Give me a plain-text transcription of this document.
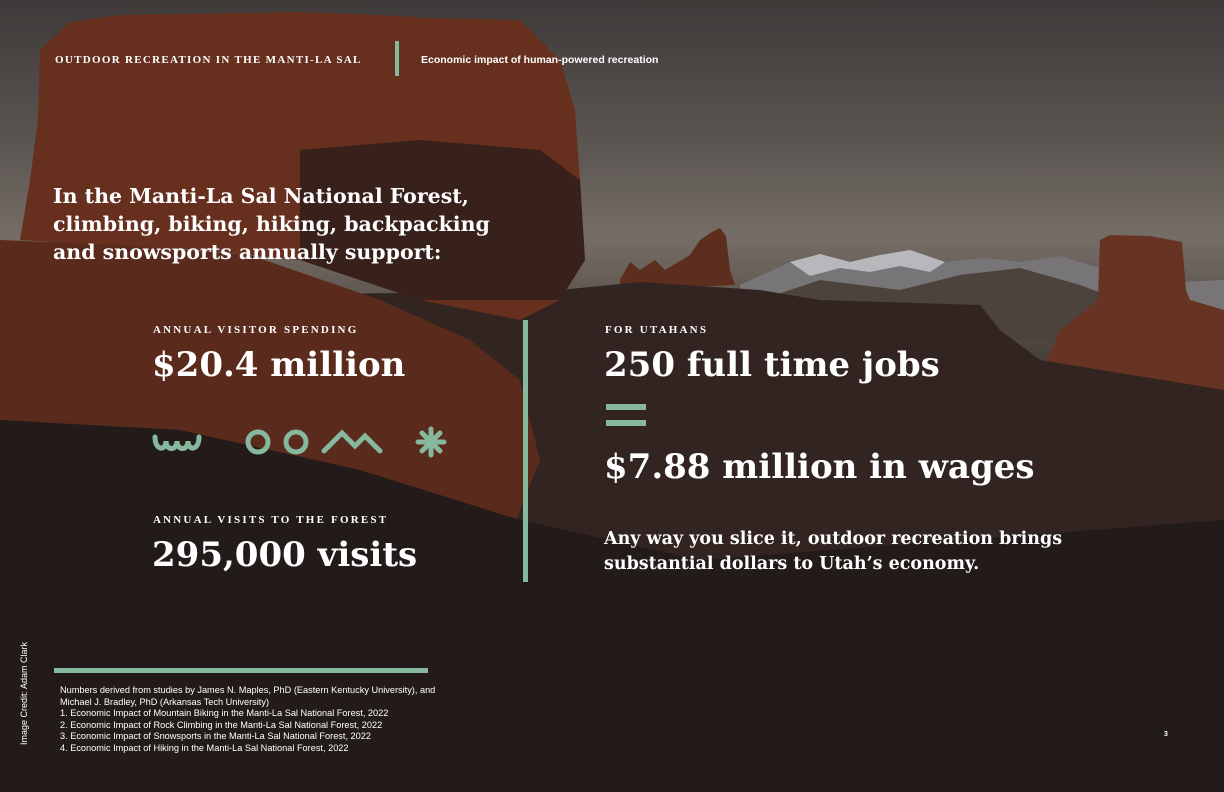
OUTDOOR RECREATION IN THE MANTI-LA SAL	Economic impact of human-powered recreation
In the Manti-La Sal National Forest, climbing, biking, hiking, backpacking and snowsports annually support:
ANNUAL VISITOR SPENDING
$20.4 million
ANNUAL VISITS TO THE FOREST
295,000 visits
FOR UTAHANS
250 full time jobs
$7.88 million in wages
Any way you slice it, outdoor recreation brings substantial dollars to Utah’s economy.

Numbers derived from studies by James N. Maples, PhD (Eastern Kentucky University), and Michael J. Bradley, PhD (Arkansas Tech University)

1. Economic Impact of Mountain Biking in the Manti-La Sal National Forest, 2022

2. Economic Impact of Rock Climbing in the Manti-La Sal National Forest, 2022

3. Economic Impact of Snowsports in the Manti-La Sal National Forest, 2022

4. Economic Impact of Hiking in the Manti-La Sal National Forest, 2022

Image Credit: Adam Clark	3
